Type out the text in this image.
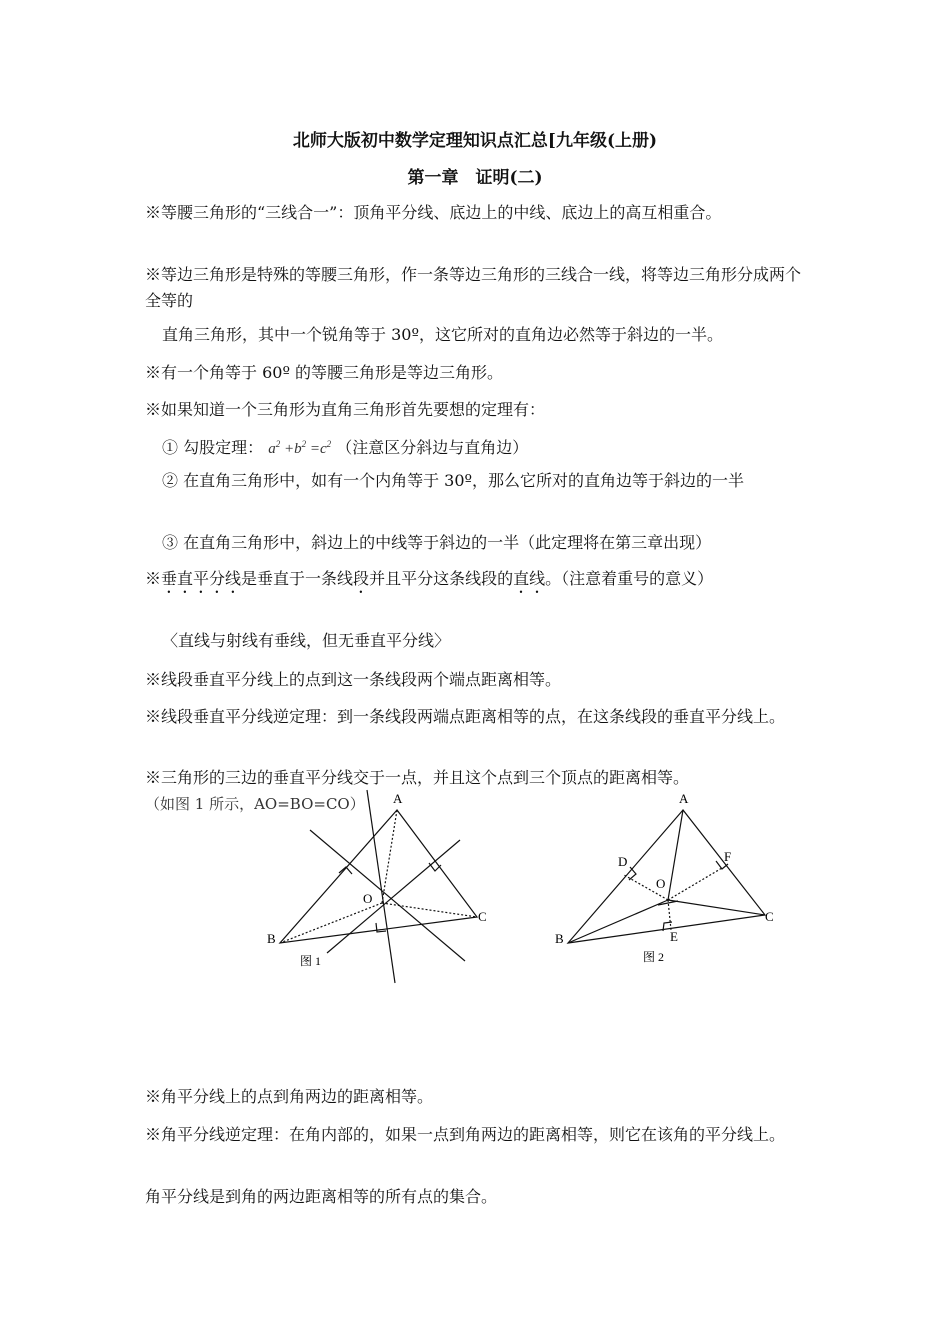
北师大版初中数学定理知识点汇总[九年级(上册)
第一章　证明(二)
※等腰三角形的“三线合一”：顶角平分线、底边上的中线、底边上的高互相重合。
※等边三角形是特殊的等腰三角形，作一条等边三角形的三线合一线，将等边三角形分成两个全等的
直角三角形，其中一个锐角等于 30º，这它所对的直角边必然等于斜边的一半。
※有一个角等于 60º 的等腰三角形是等边三角形。
※如果知道一个三角形为直角三角形首先要想的定理有：
① 勾股定理： $a^2 +b^2 =c^2$ （注意区分斜边与直角边）
② 在直角三角形中，如有一个内角等于 30º，那么它所对的直角边等于斜边的一半
③ 在直角三角形中，斜边上的中线等于斜边的一半（此定理将在第三章出现）
※垂直平分线是垂直于一条线段并且平分这条线段的直线。（注意着重号的意义）
〈直线与射线有垂线，但无垂直平分线〉
※线段垂直平分线上的点到这一条线段两个端点距离相等。
※线段垂直平分线逆定理：到一条线段两端点距离相等的点，在这条线段的垂直平分线上。
※三角形的三边的垂直平分线交于一点，并且这个点到三个顶点的距离相等。
（如图 1 所示，AO=BO=CO）	A
B
C
O
图 1
A
B
C
O
D
E
F
图 2
※角平分线上的点到角两边的距离相等。
※角平分线逆定理：在角内部的，如果一点到角两边的距离相等，则它在该角的平分线上。
角平分线是到角的两边距离相等的所有点的集合。
